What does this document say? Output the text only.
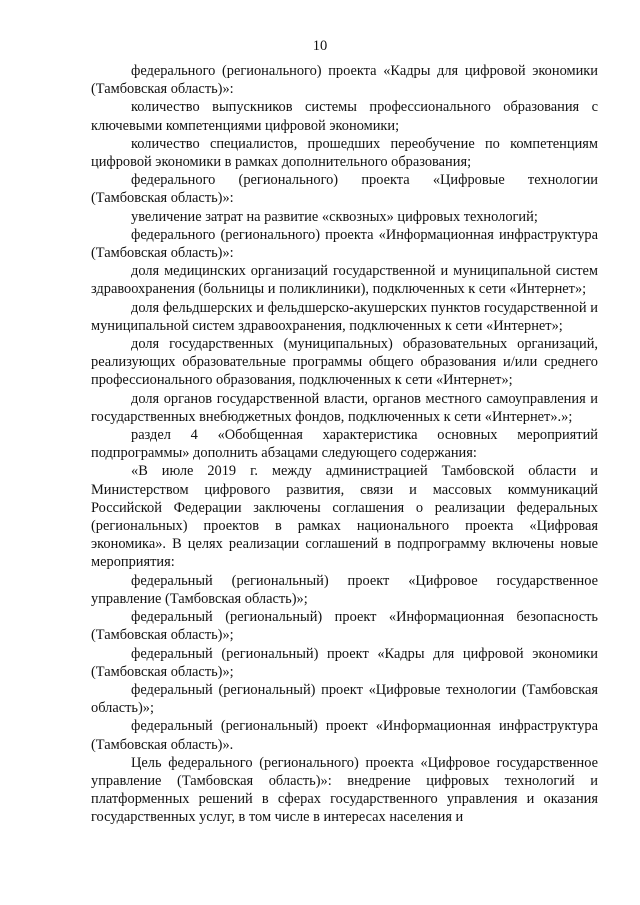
10

федерального (регионального) проекта «Кадры для цифровой экономики (Тамбовская область)»:

количество выпускников системы профессионального образования с ключевыми компетенциями цифровой экономики;

количество специалистов, прошедших переобучение по компетенциям цифровой экономики в рамках дополнительного образования;

федерального (регионального) проекта «Цифровые технологии (Тамбовская область)»:

увеличение затрат на развитие «сквозных» цифровых технологий;

федерального (регионального) проекта «Информационная инфраструктура (Тамбовская область)»:

доля медицинских организаций государственной и муниципальной систем здравоохранения (больницы и поликлиники), подключенных к сети «Интернет»;

доля фельдшерских и фельдшерско-акушерских пунктов государственной и муниципальной систем здравоохранения, подключенных к сети «Интернет»;

доля государственных (муниципальных) образовательных организаций, реализующих образовательные программы общего образования и/или среднего профессионального образования, подключенных к сети «Интернет»;

доля органов государственной власти, органов местного самоуправления и государственных внебюджетных фондов, подключенных к сети «Интернет».»;

раздел 4 «Обобщенная характеристика основных мероприятий подпрограммы» дополнить абзацами следующего содержания:

«В июле 2019 г. между администрацией Тамбовской области и Министерством цифрового развития, связи и массовых коммуникаций Российской Федерации заключены соглашения о реализации федеральных (региональных) проектов в рамках национального проекта «Цифровая экономика». В целях реализации соглашений в подпрограмму включены новые мероприятия:

федеральный (региональный) проект «Цифровое государственное управление (Тамбовская область)»;

федеральный (региональный) проект «Информационная безопасность (Тамбовская область)»;

федеральный (региональный) проект «Кадры для цифровой экономики (Тамбовская область)»;

федеральный (региональный) проект «Цифровые технологии (Тамбовская область)»;

федеральный (региональный) проект «Информационная инфраструктура (Тамбовская область)».

Цель федерального (регионального) проекта «Цифровое государственное управление (Тамбовская область)»: внедрение цифровых технологий и платформенных решений в сферах государственного управления и оказания государственных услуг, в том числе в интересах населения и
